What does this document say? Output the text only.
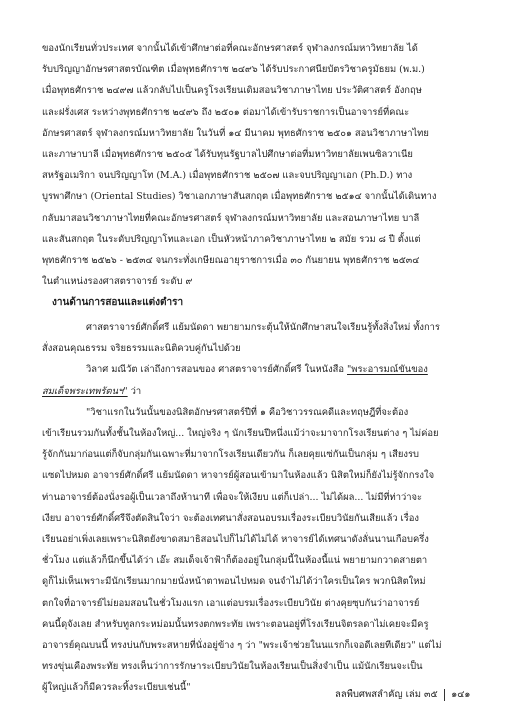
ของนักเรียนทั่วประเทศ จากนั้นได้เข้าศึกษาต่อที่คณะอักษรศาสตร์ จุฬาลงกรณ์มหาวิทยาลัย ได้
รับปริญญาอักษรศาสตรบัณฑิต เมื่อพุทธศักราช ๒๔๙๖ ได้รับประกาศนียบัตรวิชาครูมัธยม (พ.ม.)
เมื่อพุทธศักราช ๒๔๙๗ แล้วกลับไปเป็นครูโรงเรียนเดิมสอนวิชาภาษาไทย ประวัติศาสตร์ อังกฤษ
และฝรั่งเศส ระหว่างพุทธศักราช ๒๔๙๖ ถึง ๒๕๐๑ ต่อมาได้เข้ารับราชการเป็นอาจารย์ที่คณะ
อักษรศาสตร์ จุฬาลงกรณ์มหาวิทยาลัย ในวันที่ ๑๔ มีนาคม พุทธศักราช ๒๕๐๑ สอนวิชาภาษาไทย
และภาษาบาลี เมื่อพุทธศักราช ๒๕๐๕ ได้รับทุนรัฐบาลไปศึกษาต่อที่มหาวิทยาลัยเพนซิลวาเนีย
สหรัฐอเมริกา จนปริญญาโท (M.A.) เมื่อพุทธศักราช ๒๕๐๗ และจบปริญญาเอก (Ph.D.) ทาง
บูรพาศึกษา (Oriental Studies) วิชาเอกภาษาสันสกฤต เมื่อพุทธศักราช ๒๕๑๔ จากนั้นได้เดินทาง
กลับมาสอนวิชาภาษาไทยที่คณะอักษรศาสตร์ จุฬาลงกรณ์มหาวิทยาลัย และสอนภาษาไทย บาลี
และสันสกฤต ในระดับปริญญาโทและเอก เป็นหัวหน้าภาควิชาภาษาไทย ๒ สมัย รวม ๘ ปี ตั้งแต่
พุทธศักราช ๒๕๒๖ - ๒๕๓๔ จนกระทั่งเกษียณอายุราชการเมื่อ ๓๐ กันยายน พุทธศักราช ๒๕๓๔
ในตำแหน่งรองศาสตราจารย์ ระดับ ๙
งานด้านการสอนและแต่งตำรา
ศาสตราจารย์ศักดิ์ศรี แย้มนัดดา พยายามกระตุ้นให้นักศึกษาสนใจเรียนรู้ทั้งสิ่งใหม่ ทั้งการ
สั่งสอนคุณธรรม จริยธรรมและนิติควบคู่กันไปด้วย
วิลาศ มณีวัต เล่าถึงการสอนของ ศาสตราจารย์ศักดิ์ศรี ในหนังสือ "พระอารมณ์ขันของ
สมเด็จพระเทพรัตนฯ" ว่า
"วิชาแรกในวันนั้นของนิสิตอักษรศาสตร์ปีที่ ๑ คือวิชาวรรณคดีและทฤษฎีที่จะต้อง
เข้าเรียนรวมกันทั้งชั้นในห้องใหญ่... ใหญ่จริง ๆ นักเรียนปีหนึ่งแม้ว่าจะมาจากโรงเรียนต่าง ๆ ไม่ค่อย
รู้จักกันมาก่อนแต่ก็จับกลุ่มกันเฉพาะที่มาจากโรงเรียนเดียวกัน ก็เลยคุยแซ่กันเป็นกลุ่ม ๆ เสียงรบ
แซดไปหมด อาจารย์ศักดิ์ศรี แย้มนัดดา หาจารย์ผู้สอนเข้ามาในห้องแล้ว นิสิตใหม่ก็ยังไม่รู้จักกรงใจ
ท่านอาจารย์ต้องนั่งรอผู้เป็นเวลาถึงห้านาที เพื่อจะให้เงียบ แต่ก็เปล่า... ไม่ได้ผล... ไม่มีที่ท่าว่าจะ
เงียบ อาจารย์ศักดิ์ศรีจึงตัดสินใจว่า จะต้องเทศนาสั่งสอนอบรมเรื่องระเบียบวินัยกันเสียแล้ว เรื่อง
เรียนอย่าเพิ่งเลยเพราะนิสิตยังขาดสมาธิสอนไปก็ไม่ได้ไม่ได้ หาจารย์ได้เทศนาดังลั่นนานเกือบครึ่ง
ชั่วโมง แต่แล้วก็นึกขึ้นได้ว่า เอ๊ะ สมเด็จเจ้าฟ้าก็ต้องอยู่ในกลุ่มนี้ในห้องนี้แน่ พยายามกวาดสายตา
ดูก็ไม่เห็นเพราะมีนักเรียนมากมายนั่งหน้าตาพอนไปหมด จนจำไม่ได้ว่าใครเป็นใคร พวกนิสิตใหม่
ตกใจที่อาจารย์ไม่ยอมสอนในชั่วโมงแรก เอาแต่อบรมเรื่องระเบียบวินัย ต่างคุยซุบกันว่าอาจารย์
คนนี้ดุจังเลย สำหรับทูลกระหม่อมนั้นทรงตกพระทัย เพราะตอนอยู่ที่โรงเรียนจิตรลดาไม่เคยจะมีครู
อาจารย์คุณบนนี้ ทรงบ่นกับพระสหายที่นั่งอยู่ข้าง ๆ ว่า "พระเจ้าช่วยในนแรกก็เจอดีเลยทีเดียว" แต่ไม่
ทรงขุ่นเคืองพระทัย ทรงเห็นว่าการรักษาระเบียบวินัยในห้องเรียนเป็นสิ่งจำเป็น แม้นักเรียนจะเป็น
ผู้ใหญ่แล้วก็มีควรละทิ้งระเบียบเช่นนี้"
ลลพืบศพสลำคัญ เล่ม ๓๕ ๑๔๑
